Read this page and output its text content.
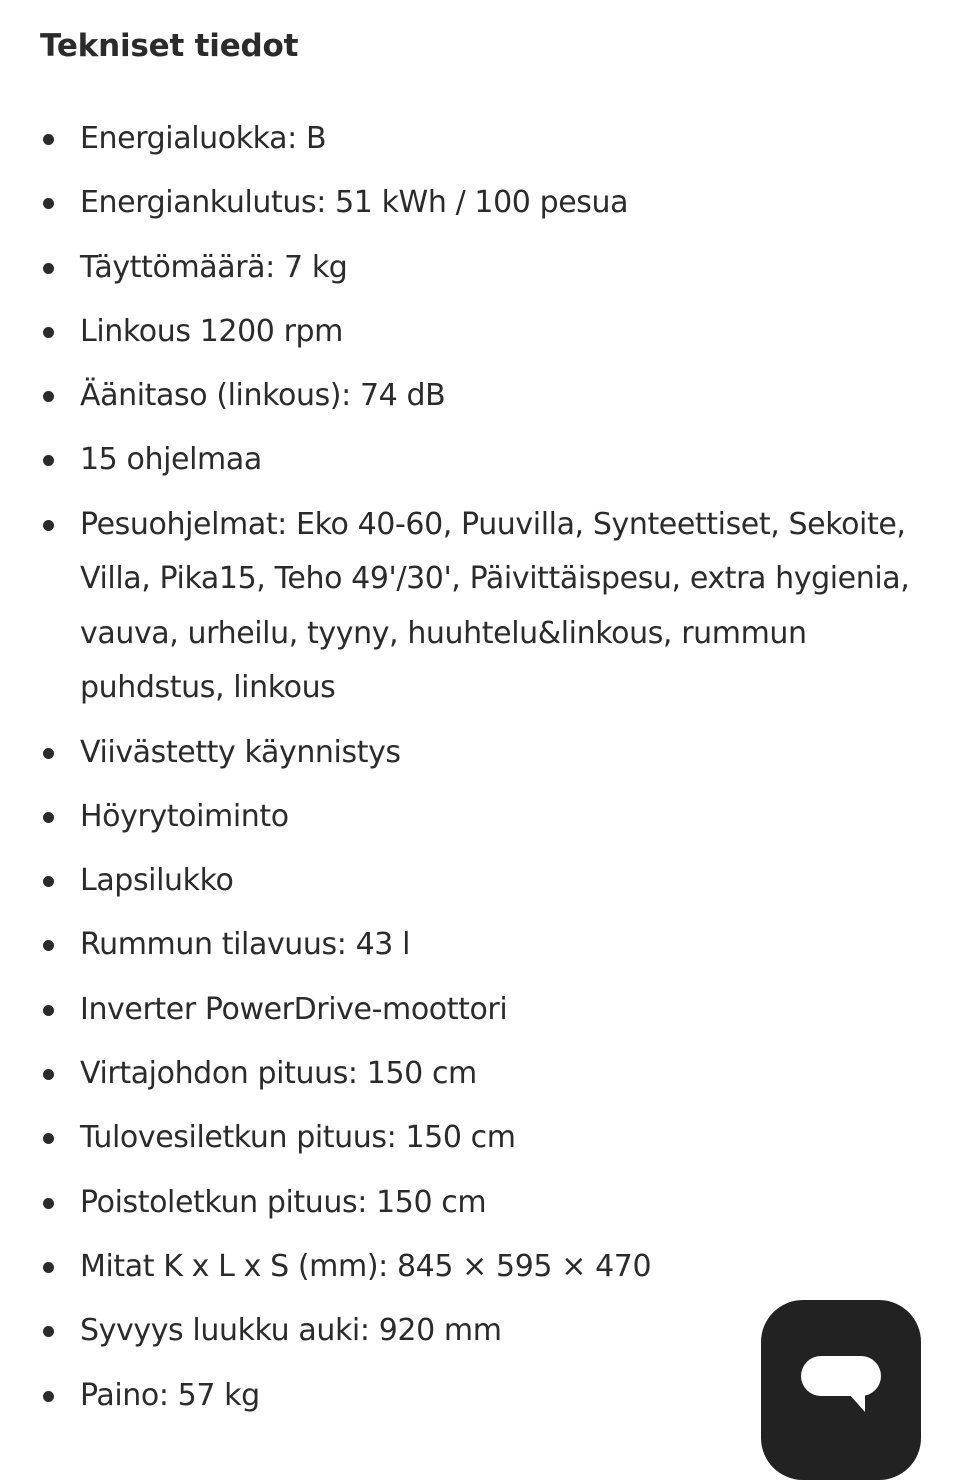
Tekniset tiedot
Energialuokka: B
Energiankulutus: 51 kWh / 100 pesua
Täyttömäärä: 7 kg
Linkous 1200 rpm
Äänitaso (linkous): 74 dB
15 ohjelmaa
Pesuohjelmat: Eko 40-60, Puuvilla, Synteettiset, Sekoite, Villa, Pika15, Teho 49'/30', Päivittäispesu, extra hygienia, vauva, urheilu, tyyny, huuhtelu&linkous, rummun puhdstus, linkous
Viivästetty käynnistys
Höyrytoiminto
Lapsilukko
Rummun tilavuus: 43 l
Inverter PowerDrive-moottori
Virtajohdon pituus: 150 cm
Tulovesiletkun pituus: 150 cm
Poistoletkun pituus: 150 cm
Mitat K x L x S (mm): 845 × 595 × 470
Syvyys luukku auki: 920 mm
Paino: 57 kg
